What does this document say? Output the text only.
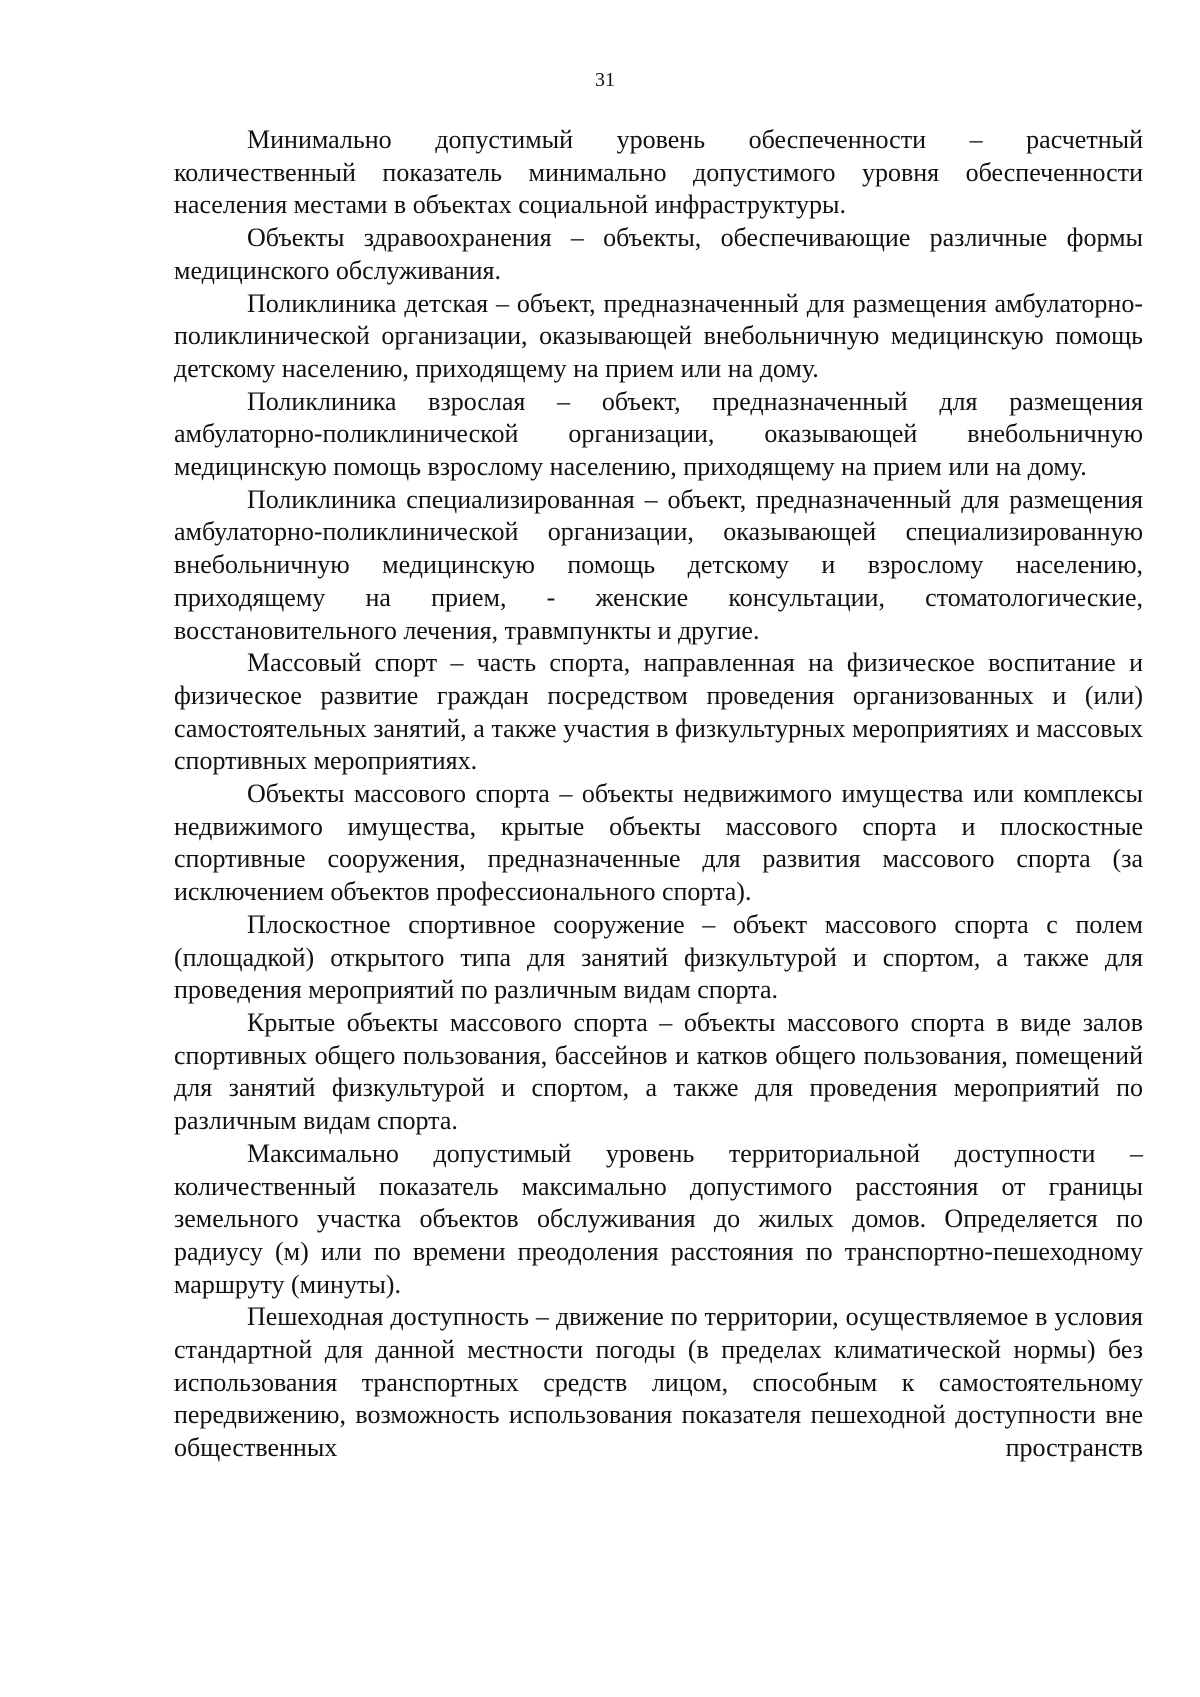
31

Минимально допустимый уровень обеспеченности – расчетный количественный показатель минимально допустимого уровня обеспеченности населения местами в объектах социальной инфраструктуры.

Объекты здравоохранения – объекты, обеспечивающие различные формы медицинского обслуживания.

Поликлиника детская – объект, предназначенный для размещения амбулаторно-поликлинической организации, оказывающей внебольничную медицинскую помощь детскому населению, приходящему на прием или на дому.

Поликлиника взрослая – объект, предназначенный для размещения амбулаторно-поликлинической организации, оказывающей внебольничную медицинскую помощь взрослому населению, приходящему на прием или на дому.

Поликлиника специализированная – объект, предназначенный для размещения амбулаторно-поликлинической организации, оказывающей специализированную внебольничную медицинскую помощь детскому и взрослому населению, приходящему на прием, - женские консультации, стоматологические, восстановительного лечения, травмпункты и другие.

Массовый спорт – часть спорта, направленная на физическое воспитание и физическое развитие граждан посредством проведения организованных и (или) самостоятельных занятий, а также участия в физкультурных мероприятиях и массовых спортивных мероприятиях.

Объекты массового спорта – объекты недвижимого имущества или комплексы недвижимого имущества, крытые объекты массового спорта и плоскостные спортивные сооружения, предназначенные для развития массового спорта (за исключением объектов профессионального спорта).

Плоскостное спортивное сооружение – объект массового спорта с полем (площадкой) открытого типа для занятий физкультурой и спортом, а также для проведения мероприятий по различным видам спорта.

Крытые объекты массового спорта – объекты массового спорта в виде залов спортивных общего пользования, бассейнов и катков общего пользования, помещений для занятий физкультурой и спортом, а также для проведения мероприятий по различным видам спорта.

Максимально допустимый уровень территориальной доступности – количественный показатель максимально допустимого расстояния от границы земельного участка объектов обслуживания до жилых домов. Определяется по радиусу (м) или по времени преодоления расстояния по транспортно-пешеходному маршруту (минуты).

Пешеходная доступность – движение по территории, осуществляемое в условия стандартной для данной местности погоды (в пределах климатической нормы) без использования транспортных средств лицом, способным к самостоятельному передвижению, возможность использования показателя пешеходной доступности вне общественных пространств
